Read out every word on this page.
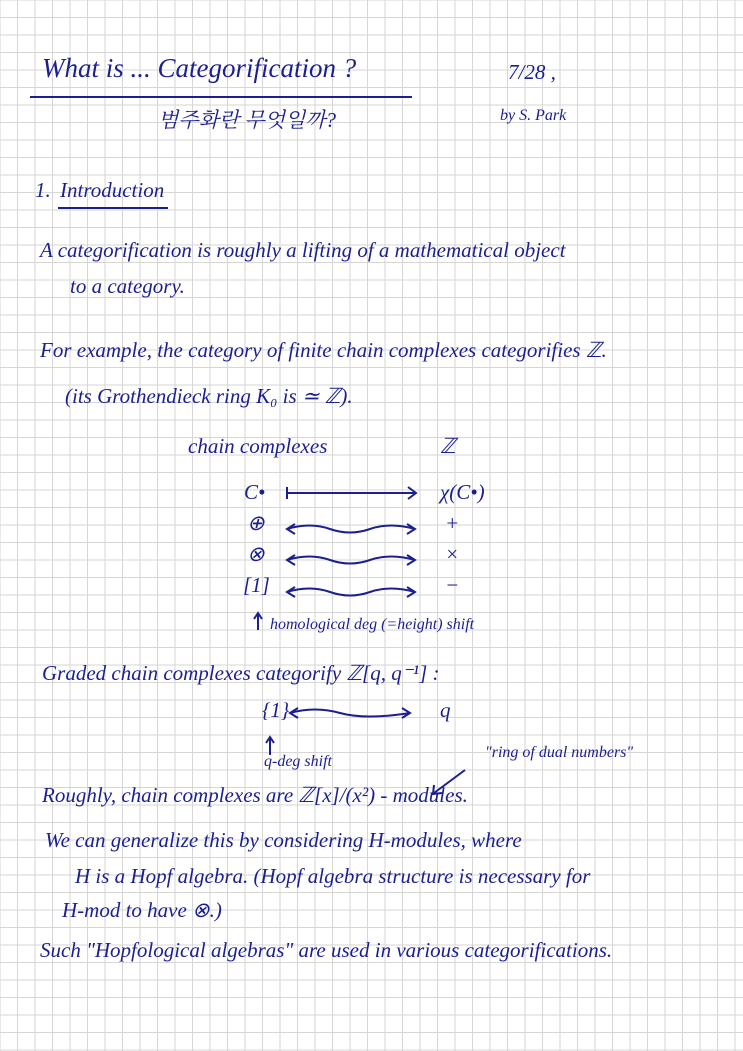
What is ... Categorification ?	7/28 ,
범주화란 무엇일까?	by S. Park
1. Introduction
A categorification is roughly a lifting of a mathematical object
to a category.
For example, the category of finite chain complexes categorifies ℤ.
(its Grothendieck ring K₀ is ≃ ℤ).
chain complexes	ℤ
C•	χ(C•)
⊕	+
⊗	×
[1]	−
homological deg (=height) shift
Graded chain complexes categorify ℤ[q, q⁻¹] :
{1}	q
q-deg shift
"ring of dual numbers"
Roughly, chain complexes are ℤ[x]/(x²) - modules.
We can generalize this by considering H-modules, where
H is a Hopf algebra. (Hopf algebra structure is necessary for
H-mod to have ⊗.)
Such "Hopfological algebras" are used in various categorifications.
